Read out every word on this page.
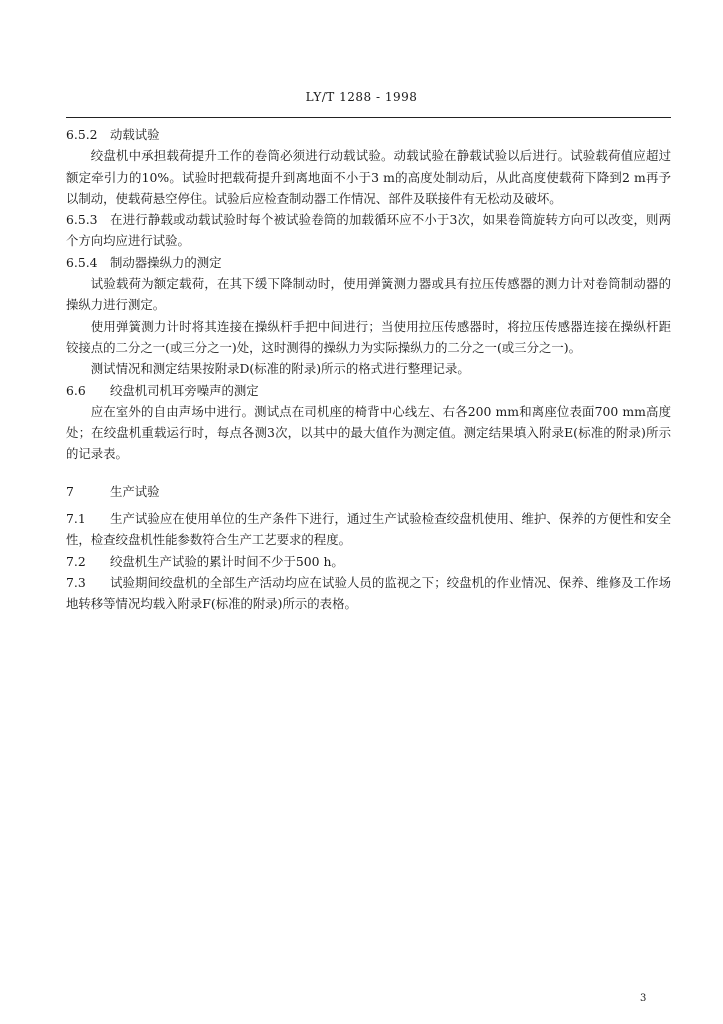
LY/T 1288 - 1998

6.5.2 动载试验

绞盘机中承担载荷提升工作的卷筒必须进行动载试验。动载试验在静载试验以后进行。试验载荷值应超过额定牵引力的10%。试验时把载荷提升到离地面不小于3 m的高度处制动后，从此高度使载荷下降到2 m再予以制动，使载荷悬空停住。试验后应检查制动器工作情况、部件及联接件有无松动及破坏。

6.5.3 在进行静载或动载试验时每个被试验卷筒的加载循环应不小于3次，如果卷筒旋转方向可以改变，则两个方向均应进行试验。

6.5.4 制动器操纵力的测定

试验载荷为额定载荷，在其下缓下降制动时，使用弹簧测力器或具有拉压传感器的测力计对卷筒制动器的操纵力进行测定。

使用弹簧测力计时将其连接在操纵杆手把中间进行；当使用拉压传感器时，将拉压传感器连接在操纵杆距铰接点的二分之一(或三分之一)处，这时测得的操纵力为实际操纵力的二分之一(或三分之一)。

测试情况和测定结果按附录D(标准的附录)所示的格式进行整理记录。

6.6 绞盘机司机耳旁噪声的测定

应在室外的自由声场中进行。测试点在司机座的椅背中心线左、右各200 mm和离座位表面700 mm高度处；在绞盘机重载运行时，每点各测3次，以其中的最大值作为测定值。测定结果填入附录E(标准的附录)所示的记录表。

7	生产试验

7.1 生产试验应在使用单位的生产条件下进行，通过生产试验检查绞盘机使用、维护、保养的方便性和安全性，检查绞盘机性能参数符合生产工艺要求的程度。

7.2 绞盘机生产试验的累计时间不少于500 h。

7.3 试验期间绞盘机的全部生产活动均应在试验人员的监视之下；绞盘机的作业情况、保养、维修及工作场地转移等情况均载入附录F(标准的附录)所示的表格。

3
